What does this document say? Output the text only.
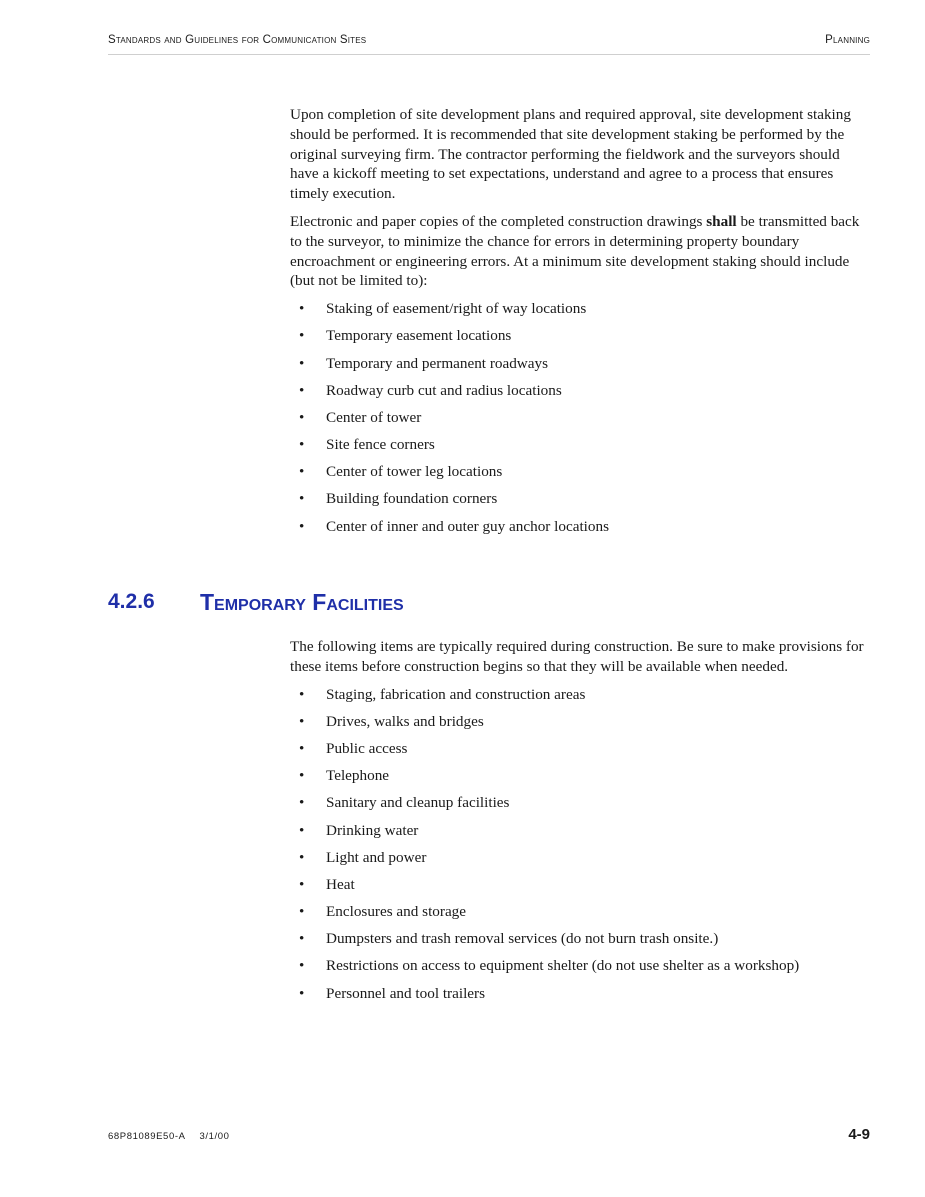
Standards and Guidelines for Communication Sites	Planning

Upon completion of site development plans and required approval, site development staking should be performed. It is recommended that site development staking be performed by the original surveying firm. The contractor performing the fieldwork and the surveyors should have a kickoff meeting to set expectations, understand and agree to a process that ensures timely execution.

Electronic and paper copies of the completed construction drawings shall be transmitted back to the surveyor, to minimize the chance for errors in determining property boundary encroachment or engineering errors. At a minimum site development staking should include (but not be limited to):

• Staking of easement/right of way locations
• Temporary easement locations
• Temporary and permanent roadways
• Roadway curb cut and radius locations
• Center of tower
• Site fence corners
• Center of tower leg locations
• Building foundation corners
• Center of inner and outer guy anchor locations
4.2.6 Temporary Facilities

The following items are typically required during construction. Be sure to make provisions for these items before construction begins so that they will be available when needed.

• Staging, fabrication and construction areas
• Drives, walks and bridges
• Public access
• Telephone
• Sanitary and cleanup facilities
• Drinking water
• Light and power
• Heat
• Enclosures and storage
• Dumpsters and trash removal services (do not burn trash onsite.)
• Restrictions on access to equipment shelter (do not use shelter as a workshop)
• Personnel and tool trailers
68P81089E50-A 3/1/00	4-9
